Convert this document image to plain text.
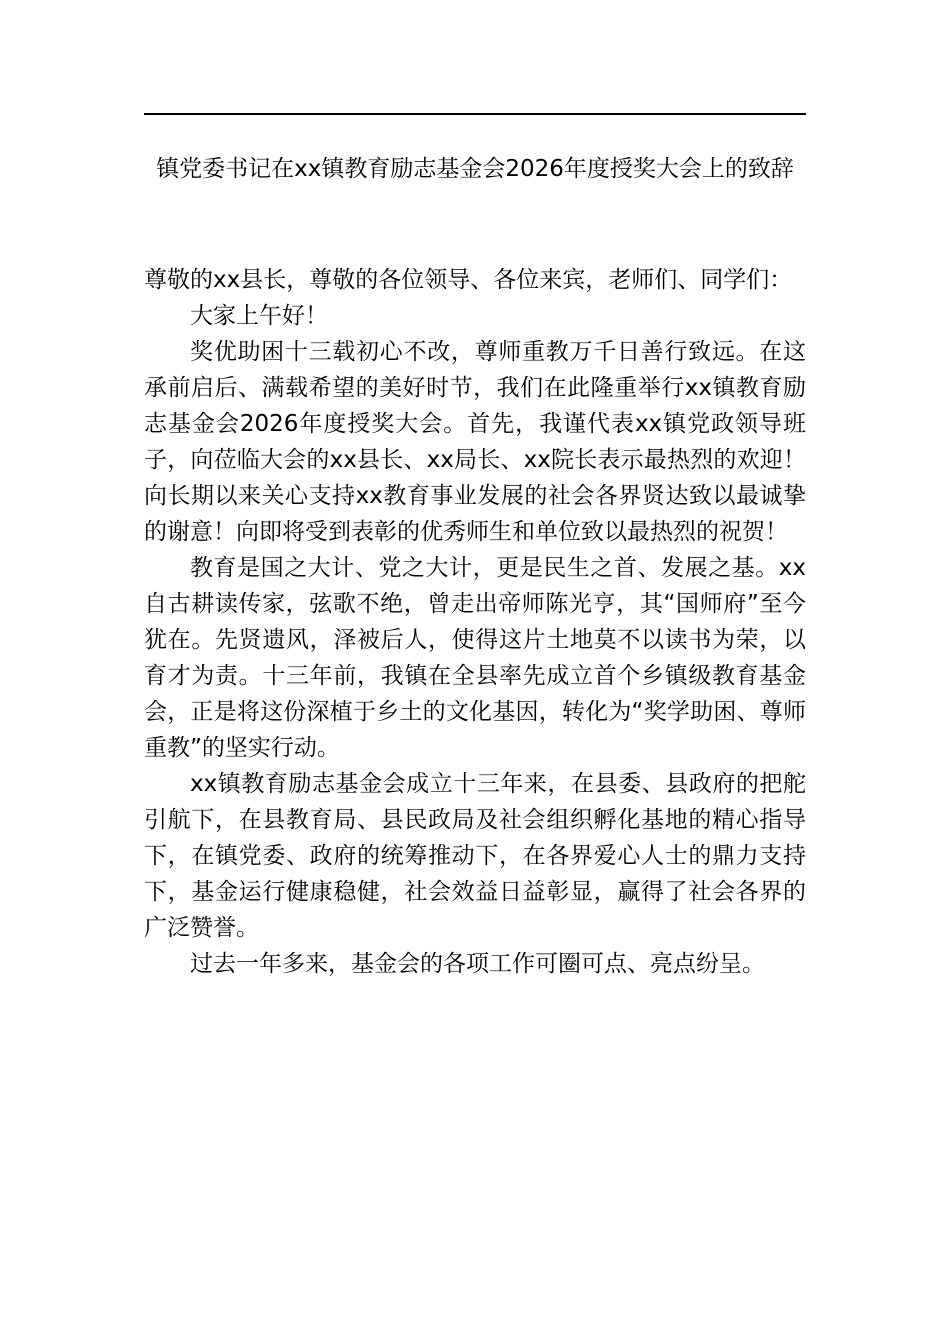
镇党委书记在xx镇教育励志基金会2026年度授奖大会上的致辞

尊敬的xx县长，尊敬的各位领导、各位来宾，老师们、同学们：

大家上午好！

奖优助困十三载初心不改，尊师重教万千日善行致远。在这承前启后、满载希望的美好时节，我们在此隆重举行xx镇教育励志基金会2026年度授奖大会。首先，我谨代表xx镇党政领导班子，向莅临大会的xx县长、xx局长、xx院长表示最热烈的欢迎！向长期以来关心支持xx教育事业发展的社会各界贤达致以最诚挚的谢意！向即将受到表彰的优秀师生和单位致以最热烈的祝贺！

教育是国之大计、党之大计，更是民生之首、发展之基。xx自古耕读传家，弦歌不绝，曾走出帝师陈光亨，其“国师府”至今犹在。先贤遗风，泽被后人，使得这片土地莫不以读书为荣，以育才为责。十三年前，我镇在全县率先成立首个乡镇级教育基金会，正是将这份深植于乡土的文化基因，转化为“奖学助困、尊师重教”的坚实行动。

xx镇教育励志基金会成立十三年来，在县委、县政府的把舵引航下，在县教育局、县民政局及社会组织孵化基地的精心指导下，在镇党委、政府的统筹推动下，在各界爱心人士的鼎力支持下，基金运行健康稳健，社会效益日益彰显，赢得了社会各界的广泛赞誉。

过去一年多来，基金会的各项工作可圈可点、亮点纷呈。
